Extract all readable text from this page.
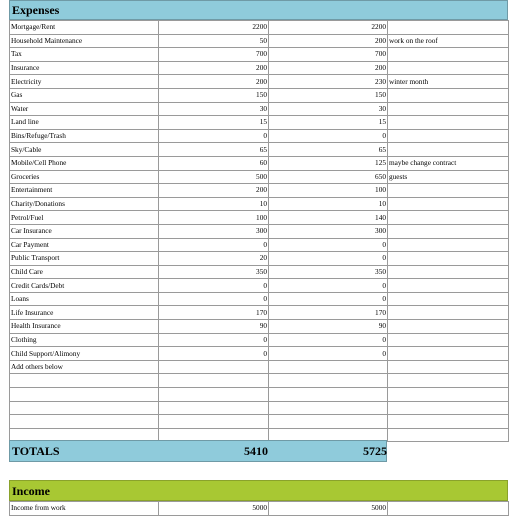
Expenses
Mortgage/Rent	2200	2200	
Household Maintenance	50	200	work on the roof
Tax	700	700	
Insurance	200	200	
Electricity	200	230	winter month
Gas	150	150	
Water	30	30	
Land line	15	15	
Bins/Refuge/Trash	0	0	
Sky/Cable	65	65	
Mobile/Cell Phone	60	125	maybe change contract
Groceries	500	650	guests
Entertainment	200	100	
Charity/Donations	10	10	
Petrol/Fuel	100	140	
Car Insurance	300	300	
Car Payment	0	0	
Public Transport	20	0	
Child Care	350	350	
Credit Cards/Debt	0	0	
Loans	0	0	
Life Insurance	170	170	
Health Insurance	90	90	
Clothing	0	0	
Child Support/Alimony	0	0	
Add others below			

TOTALS	5410	5725
Income
Income from work	5000	5000	
